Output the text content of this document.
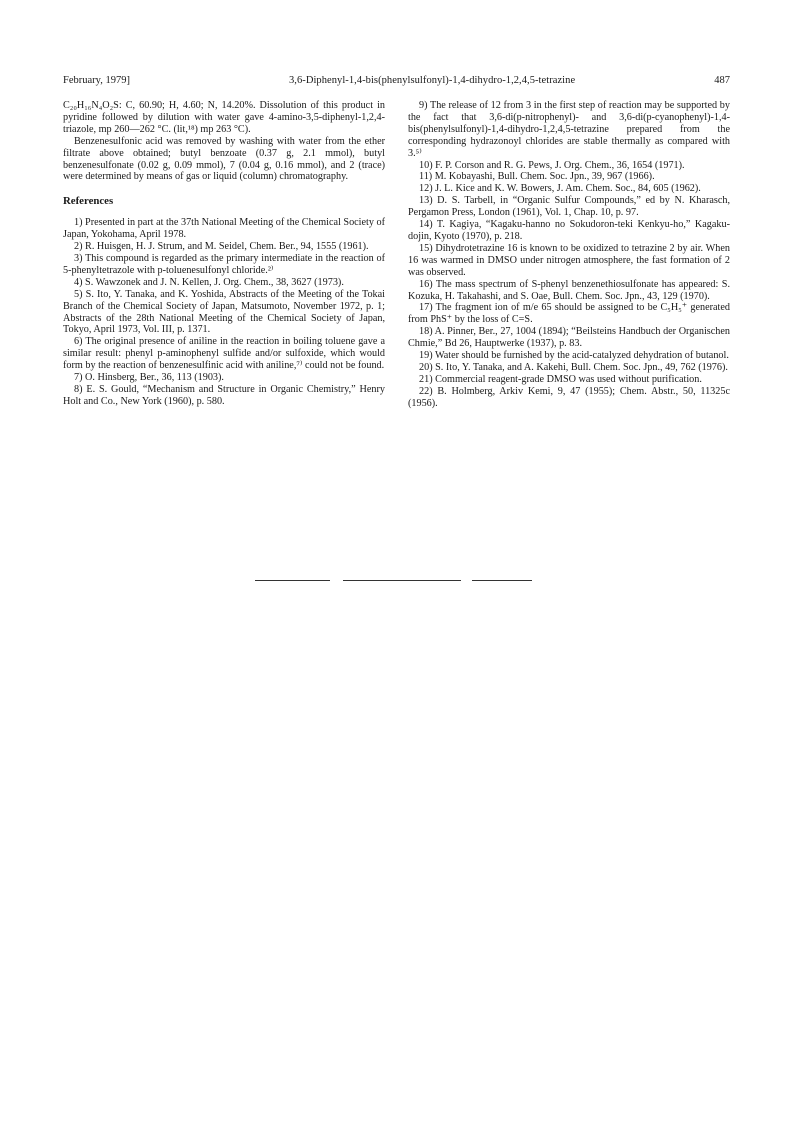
February, 1979]	3,6-Diphenyl-1,4-bis(phenylsulfonyl)-1,4-dihydro-1,2,4,5-tetrazine	487

C₂₀H₁₆N₄O₂S: C, 60.90; H, 4.60; N, 14.20%. Dissolution of this product in pyridine followed by dilution with water gave 4-amino-3,5-diphenyl-1,2,4-triazole, mp 260—262 °C. (lit,¹⁸) mp 263 °C).

Benzenesulfonic acid was removed by washing with water from the ether filtrate above obtained; butyl benzoate (0.37 g, 2.1 mmol), butyl benzenesulfonate (0.02 g, 0.09 mmol), 7 (0.04 g, 0.16 mmol), and 2 (trace) were determined by means of gas or liquid (column) chromatography.

References
1) Presented in part at the 37th National Meeting of the Chemical Society of Japan, Yokohama, April 1978.
2) R. Huisgen, H. J. Strum, and M. Seidel, Chem. Ber., 94, 1555 (1961).
3) This compound is regarded as the primary intermediate in the reaction of 5-phenyltetrazole with p-toluenesulfonyl chloride.²⁾
4) S. Wawzonek and J. N. Kellen, J. Org. Chem., 38, 3627 (1973).
5) S. Ito, Y. Tanaka, and K. Yoshida, Abstracts of the Meeting of the Tokai Branch of the Chemical Society of Japan, Matsumoto, November 1972, p. 1; Abstracts of the 28th National Meeting of the Chemical Society of Japan, Tokyo, April 1973, Vol. III, p. 1371.
6) The original presence of aniline in the reaction in boiling toluene gave a similar result: phenyl p-aminophenyl sulfide and/or sulfoxide, which would form by the reaction of benzenesulfinic acid with aniline,⁷⁾ could not be found.
7) O. Hinsberg, Ber., 36, 113 (1903).
8) E. S. Gould, “Mechanism and Structure in Organic Chemistry,” Henry Holt and Co., New York (1960), p. 580.
9) The release of 12 from 3 in the first step of reaction may be supported by the fact that 3,6-di(p-nitrophenyl)- and 3,6-di(p-cyanophenyl)-1,4-bis(phenylsulfonyl)-1,4-dihydro-1,2,4,5-tetrazine prepared from the corresponding hydrazonoyl chlorides are stable thermally as compared with 3.⁵⁾
10) F. P. Corson and R. G. Pews, J. Org. Chem., 36, 1654 (1971).
11) M. Kobayashi, Bull. Chem. Soc. Jpn., 39, 967 (1966).
12) J. L. Kice and K. W. Bowers, J. Am. Chem. Soc., 84, 605 (1962).
13) D. S. Tarbell, in “Organic Sulfur Compounds,” ed by N. Kharasch, Pergamon Press, London (1961), Vol. 1, Chap. 10, p. 97.
14) T. Kagiya, “Kagaku-hanno no Sokudoron-teki Kenkyu-ho,” Kagaku-dojin, Kyoto (1970), p. 218.
15) Dihydrotetrazine 16 is known to be oxidized to tetrazine 2 by air. When 16 was warmed in DMSO under nitrogen atmosphere, the fast formation of 2 was observed.
16) The mass spectrum of S-phenyl benzenethiosulfonate has appeared: S. Kozuka, H. Takahashi, and S. Oae, Bull. Chem. Soc. Jpn., 43, 129 (1970).
17) The fragment ion of m/e 65 should be assigned to be C₅H₅⁺ generated from PhS⁺ by the loss of C=S.
18) A. Pinner, Ber., 27, 1004 (1894); “Beilsteins Handbuch der Organischen Chmie,” Bd 26, Hauptwerke (1937), p. 83.
19) Water should be furnished by the acid-catalyzed dehydration of butanol.
20) S. Ito, Y. Tanaka, and A. Kakehi, Bull. Chem. Soc. Jpn., 49, 762 (1976).
21) Commercial reagent-grade DMSO was used without purification.
22) B. Holmberg, Arkiv Kemi, 9, 47 (1955); Chem. Abstr., 50, 11325c (1956).
